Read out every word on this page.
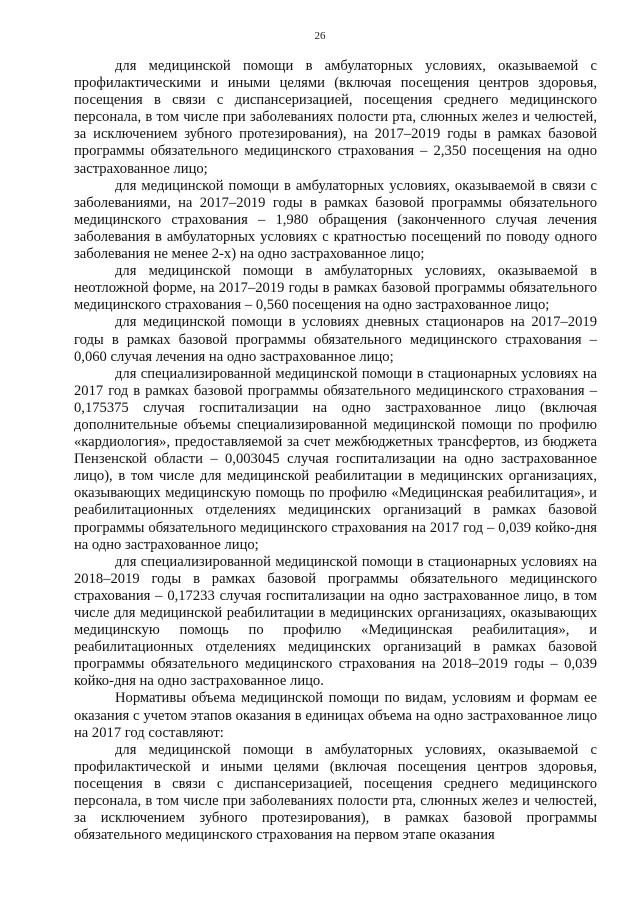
26

для медицинской помощи в амбулаторных условиях, оказываемой с профилактическими и иными целями (включая посещения центров здоровья, посещения в связи с диспансеризацией, посещения среднего медицинского персонала, в том числе при заболеваниях полости рта, слюнных желез и челюстей, за исключением зубного протезирования), на 2017–2019 годы в рамках базовой программы обязательного медицинского страхования – 2,350 посещения на одно застрахованное лицо;

для медицинской помощи в амбулаторных условиях, оказываемой в связи с заболеваниями, на 2017–2019 годы в рамках базовой программы обязательного медицинского страхования – 1,980 обращения (законченного случая лечения заболевания в амбулаторных условиях с кратностью посещений по поводу одного заболевания не менее 2-х) на одно застрахованное лицо;

для медицинской помощи в амбулаторных условиях, оказываемой в неотложной форме, на 2017–2019 годы в рамках базовой программы обязательного медицинского страхования – 0,560 посещения на одно застрахованное лицо;

для медицинской помощи в условиях дневных стационаров на 2017–2019 годы в рамках базовой программы обязательного медицинского страхования – 0,060 случая лечения на одно застрахованное лицо;

для специализированной медицинской помощи в стационарных условиях на 2017 год в рамках базовой программы обязательного медицинского страхования – 0,175375 случая госпитализации на одно застрахованное лицо (включая дополнительные объемы специализированной медицинской помощи по профилю «кардиология», предоставляемой за счет межбюджетных трансфертов, из бюджета Пензенской области – 0,003045 случая госпитализации на одно застрахованное лицо), в том числе для медицинской реабилитации в медицинских организациях, оказывающих медицинскую помощь по профилю «Медицинская реабилитация», и реабилитационных отделениях медицинских организаций в рамках базовой программы обязательного медицинского страхования на 2017 год – 0,039 койко-дня на одно застрахованное лицо;

для специализированной медицинской помощи в стационарных условиях на 2018–2019 годы в рамках базовой программы обязательного медицинского страхования – 0,17233 случая госпитализации на одно застрахованное лицо, в том числе для медицинской реабилитации в медицинских организациях, оказывающих медицинскую помощь по профилю «Медицинская реабилитация», и реабилитационных отделениях медицинских организаций в рамках базовой программы обязательного медицинского страхования на 2018–2019 годы – 0,039 койко-дня на одно застрахованное лицо.

Нормативы объема медицинской помощи по видам, условиям и формам ее оказания с учетом этапов оказания в единицах объема на одно застрахованное лицо на 2017 год составляют:

для медицинской помощи в амбулаторных условиях, оказываемой с профилактической и иными целями (включая посещения центров здоровья, посещения в связи с диспансеризацией, посещения среднего медицинского персонала, в том числе при заболеваниях полости рта, слюнных желез и челюстей, за исключением зубного протезирования), в рамках базовой программы обязательного медицинского страхования на первом этапе оказания
